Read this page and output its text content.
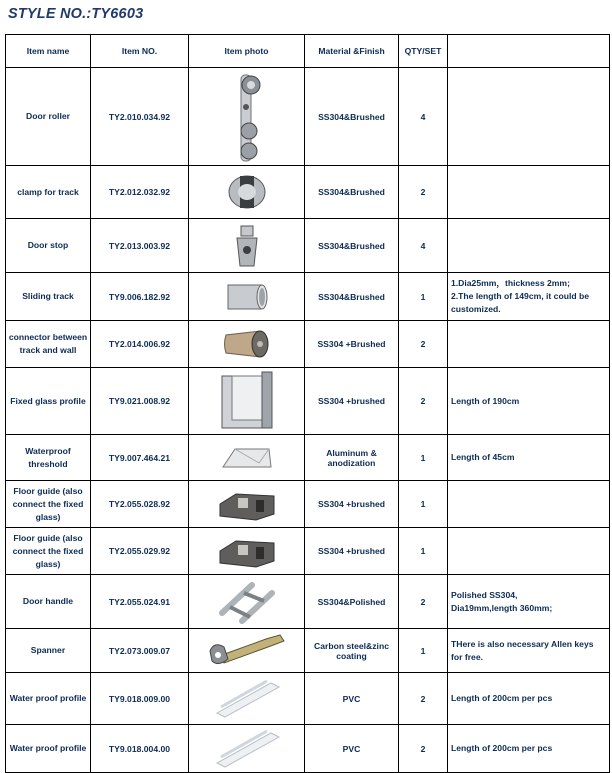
STYLE NO.:TY6603
Item name	Item NO.	Item photo	Material &Finish	QTY/SET	
Door roller	TY2.010.034.92		SS304&Brushed	4	
clamp for track	TY2.012.032.92		SS304&Brushed	2	
Door stop	TY2.013.003.92		SS304&Brushed	4	
Sliding track	TY9.006.182.92		SS304&Brushed	1	1.Dia25mm，thickness 2mm;
2.The length of 149cm, it could be customized.
connector between track and wall	TY2.014.006.92		SS304 +Brushed	2	
Fixed glass profile	TY9.021.008.92		SS304 +brushed	2	Length of 190cm
Waterproof threshold	TY9.007.464.21		Aluminum & anodization	1	Length of 45cm
Floor guide (also connect the fixed glass)	TY2.055.028.92		SS304 +brushed	1	
Floor guide (also connect the fixed glass)	TY2.055.029.92		SS304 +brushed	1	
Door handle	TY2.055.024.91		SS304&Polished	2	Polished SS304,
Dia19mm,length 360mm;
Spanner	TY2.073.009.07		Carbon steel&zinc coating	1	THere is also necessary Allen keys for free.
Water proof profile	TY9.018.009.00		PVC	2	Length of 200cm per pcs
Water proof profile	TY9.018.004.00		PVC	2	Length of 200cm per pcs
